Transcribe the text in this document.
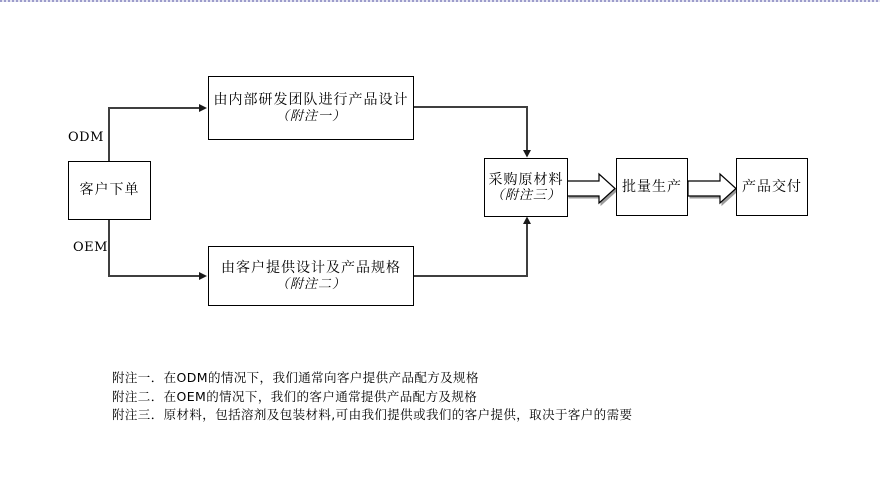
ODM
OEM
客户下单
由内部研发团队进行产品设计
（附注一）
由客户提供设计及产品规格
（附注二）
采购原材料
（附注三）
批量生产	产品交付
附注一．在ODM的情况下，我们通常向客户提供产品配方及规格
附注二．在OEM的情况下，我们的客户通常提供产品配方及规格
附注三．原材料，包括溶剂及包装材料,可由我们提供或我们的客户提供，取决于客户的需要
